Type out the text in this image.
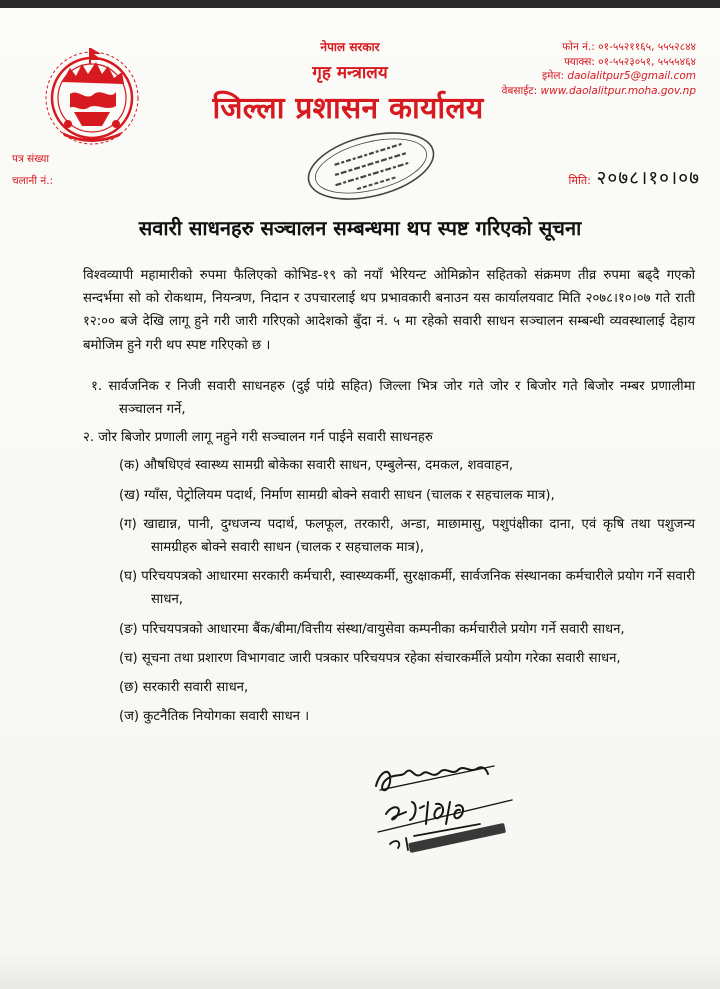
नेपाल सरकार
गृह मन्त्रालय
जिल्ला प्रशासन कार्यालय
फोन नं.: ०१-५५२११६५, ५५५२८४४
फ्याक्स: ०१-५५२३०५१, ५५५५४६४
इमेल: daolalitpur5@gmail.com
वेबसाईट: www.daolalitpur.moha.gov.np
पत्र संख्या
चलानी नं.:	मिति: २०७८।१०।०७
सवारी साधनहरु सञ्चालन सम्बन्धमा थप स्पष्ट गरिएको सूचना

विश्वव्यापी महामारीको रुपमा फैलिएको कोभिड-१९ को नयाँ भेरियन्ट ओमिक्रोन सहितको संक्रमण तीव्र रुपमा बढ्दै गएको सन्दर्भमा सो को रोकथाम, नियन्त्रण, निदान र उपचारलाई थप प्रभावकारी बनाउन यस कार्यालयवाट मिति २०७८।१०।०७ गते राती १२:०० बजे देखि लागू हुने गरी जारी गरिएको आदेशको बुँदा नं. ५ मा रहेको सवारी साधन सञ्चालन सम्बन्धी व्यवस्थालाई देहाय बमोजिम हुने गरी थप स्पष्ट गरिएको छ ।

१. सार्वजनिक र निजी सवारी साधनहरु (दुई पांग्रे सहित) जिल्ला भित्र जोर गते जोर र बिजोर गते बिजोर नम्बर प्रणालीमा सञ्चालन गर्ने,

२. जोर बिजोर प्रणाली लागू नहुने गरी सञ्चालन गर्न पाईने सवारी साधनहरु

(क) औषधिएवं स्वास्थ्य सामग्री बोकेका सवारी साधन, एम्बुलेन्स, दमकल, शववाहन,

(ख) ग्याँस, पेट्रोलियम पदार्थ, निर्माण सामग्री बोक्ने सवारी साधन (चालक र सहचालक मात्र),

(ग) खाद्यान्न, पानी, दुग्धजन्य पदार्थ, फलफूल, तरकारी, अन्डा, माछामासु, पशुपंक्षीका दाना, एवं कृषि तथा पशुजन्य सामग्रीहरु बोक्ने सवारी साधन (चालक र सहचालक मात्र),

(घ) परिचयपत्रको आधारमा सरकारी कर्मचारी, स्वास्थ्यकर्मी, सुरक्षाकर्मी, सार्वजनिक संस्थानका कर्मचारीले प्रयोग गर्ने सवारी साधन,

(ङ) परिचयपत्रको आधारमा बैंक/बीमा/वित्तीय संस्था/वायुसेवा कम्पनीका कर्मचारीले प्रयोग गर्ने सवारी साधन,

(च) सूचना तथा प्रशारण विभागवाट जारी पत्रकार परिचयपत्र रहेका संचारकर्मीले प्रयोग गरेका सवारी साधन,

(छ) सरकारी सवारी साधन,

(ज) कुटनैतिक नियोगका सवारी साधन ।
